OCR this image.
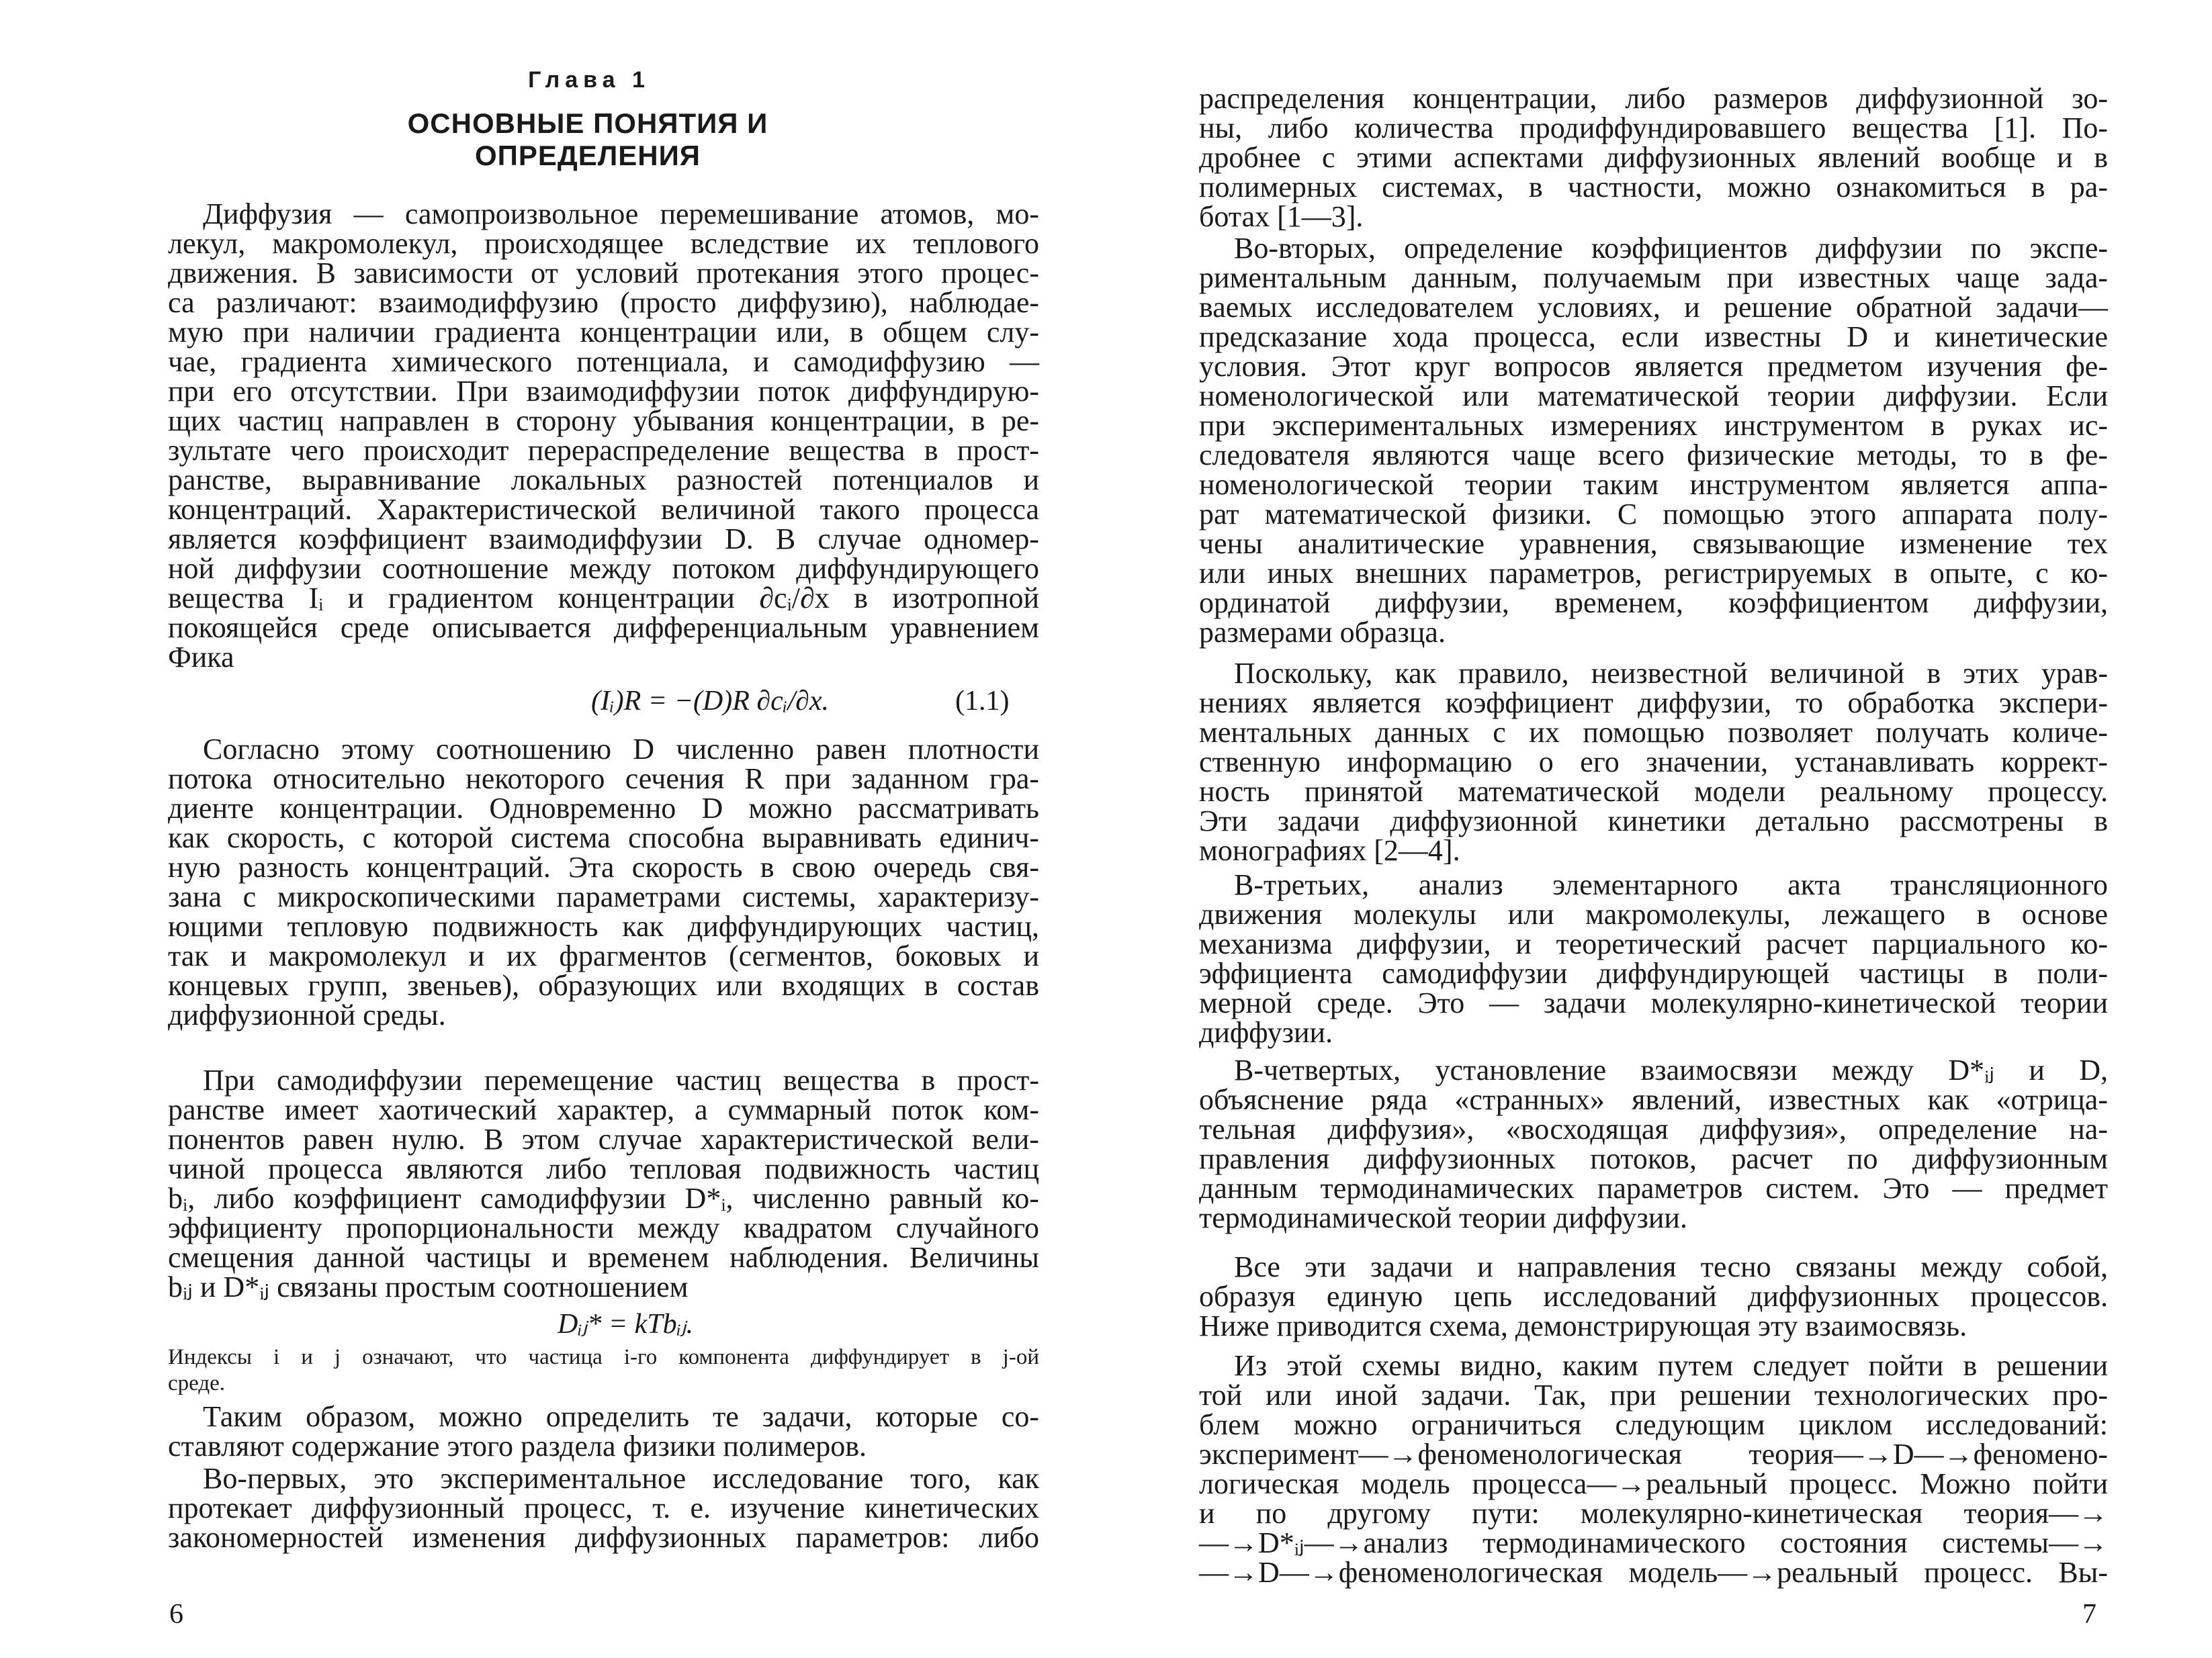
Глава 1
ОСНОВНЫЕ ПОНЯТИЯ И ОПРЕДЕЛЕНИЯ
Диффузия — самопроизвольное перемешивание атомов, мо-
лекул, макромолекул, происходящее вследствие их теплового
движения. В зависимости от условий протекания этого процес-
са различают: взаимодиффузию (просто диффузию), наблюдае-
мую при наличии градиента концентрации или, в общем слу-
чае, градиента химического потенциала, и самодиффузию —
при его отсутствии. При взаимодиффузии поток диффундирую-
щих частиц направлен в сторону убывания концентрации, в ре-
зультате чего происходит перераспределение вещества в прост-
ранстве, выравнивание локальных разностей потенциалов и
концентраций. Характеристической величиной такого процесса
является коэффициент взаимодиффузии D. В случае одномер-
ной диффузии соотношение между потоком диффундирующего
вещества Iᵢ и градиентом концентрации ∂cᵢ/∂x в изотропной
покоящейся среде описывается дифференциальным уравнением
Фика
Согласно этому соотношению D численно равен плотности
потока относительно некоторого сечения R при заданном гра-
диенте концентрации. Одновременно D можно рассматривать
как скорость, с которой система способна выравнивать единич-
ную разность концентраций. Эта скорость в свою очередь свя-
зана с микроскопическими параметрами системы, характеризу-
ющими тепловую подвижность как диффундирующих частиц,
так и макромолекул и их фрагментов (сегментов, боковых и
концевых групп, звеньев), образующих или входящих в состав
диффузионной среды.
При самодиффузии перемещение частиц вещества в прост-
ранстве имеет хаотический характер, а суммарный поток ком-
понентов равен нулю. В этом случае характеристической вели-
чиной процесса являются либо тепловая подвижность частиц
bᵢ, либо коэффициент самодиффузии D*ᵢ, численно равный ко-
эффициенту пропорциональности между квадратом случайного
смещения данной частицы и временем наблюдения. Величины
bᵢⱼ и D*ᵢⱼ связаны простым соотношением
Таким образом, можно определить те задачи, которые со-
ставляют содержание этого раздела физики полимеров.
Во-первых, это экспериментальное исследование того, как
протекает диффузионный процесс, т. е. изучение кинетических
закономерностей изменения диффузионных параметров: либо
(Iᵢ)R = −(D)R ∂cᵢ/∂x.	(1.1)
Dᵢⱼ* = kTbᵢⱼ.
Индексы i и j означают, что частица i-го компонента диффундирует в j-ой
среде.
6
распределения концентрации, либо размеров диффузионной зо-
ны, либо количества продиффундировавшего вещества [1]. По-
дробнее с этими аспектами диффузионных явлений вообще и в
полимерных системах, в частности, можно ознакомиться в ра-
ботах [1—3].
Во-вторых, определение коэффициентов диффузии по экспе-
риментальным данным, получаемым при известных чаще зада-
ваемых исследователем условиях, и решение обратной задачи—
предсказание хода процесса, если известны D и кинетические
условия. Этот круг вопросов является предметом изучения фе-
номенологической или математической теории диффузии. Если
при экспериментальных измерениях инструментом в руках ис-
следователя являются чаще всего физические методы, то в фе-
номенологической теории таким инструментом является аппа-
рат математической физики. С помощью этого аппарата полу-
чены аналитические уравнения, связывающие изменение тех
или иных внешних параметров, регистрируемых в опыте, с ко-
ординатой диффузии, временем, коэффициентом диффузии,
размерами образца.
Поскольку, как правило, неизвестной величиной в этих урав-
нениях является коэффициент диффузии, то обработка экспери-
ментальных данных с их помощью позволяет получать количе-
ственную информацию о его значении, устанавливать коррект-
ность принятой математической модели реальному процессу.
Эти задачи диффузионной кинетики детально рассмотрены в
монографиях [2—4].
В-третьих, анализ элементарного акта трансляционного
движения молекулы или макромолекулы, лежащего в основе
механизма диффузии, и теоретический расчет парциального ко-
эффициента самодиффузии диффундирующей частицы в поли-
мерной среде. Это — задачи молекулярно-кинетической теории
диффузии.
В-четвертых, установление взаимосвязи между D*ᵢⱼ и D,
объяснение ряда «странных» явлений, известных как «отрица-
тельная диффузия», «восходящая диффузия», определение на-
правления диффузионных потоков, расчет по диффузионным
данным термодинамических параметров систем. Это — предмет
термодинамической теории диффузии.
Все эти задачи и направления тесно связаны между собой,
образуя единую цепь исследований диффузионных процессов.
Ниже приводится схема, демонстрирующая эту взаимосвязь.
Из этой схемы видно, каким путем следует пойти в решении
той или иной задачи. Так, при решении технологических про-
блем можно ограничиться следующим циклом исследований:
эксперимент—→феноменологическая теория—→D—→феномено-
логическая модель процесса—→реальный процесс. Можно пойти
и по другому пути: молекулярно-кинетическая теория—→
—→D*ᵢⱼ—→анализ термодинамического состояния системы—→
—→D—→феноменологическая модель—→реальный процесс. Вы-
7
